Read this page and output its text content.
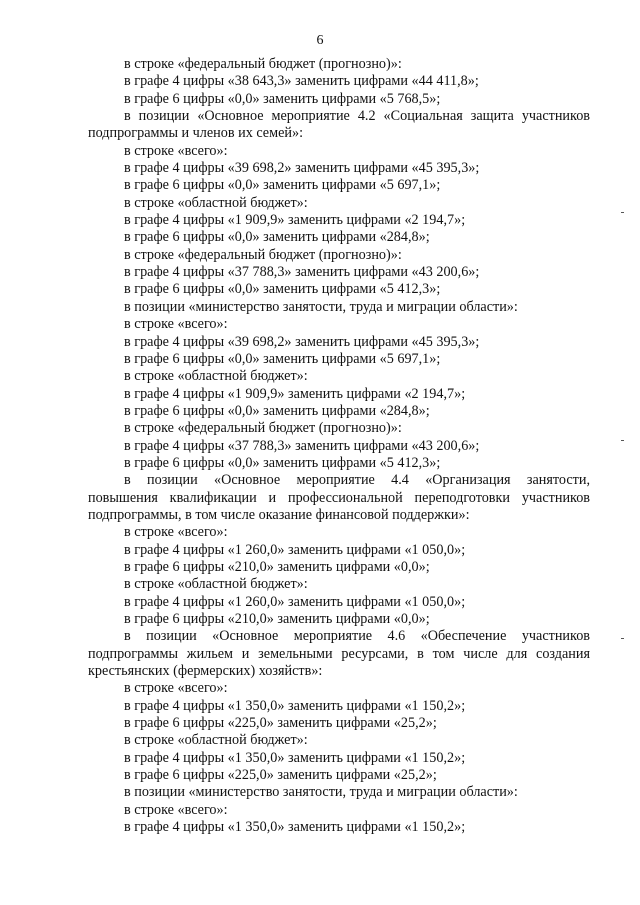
6
в строке «федеральный бюджет (прогнозно)»:
в графе 4 цифры «38 643,3» заменить цифрами «44 411,8»;
в графе 6 цифры «0,0» заменить цифрами «5 768,5»;
в позиции «Основное мероприятие 4.2 «Социальная защита участников
подпрограммы и членов их семей»:
в строке «всего»:
в графе 4 цифры «39 698,2» заменить цифрами «45 395,3»;
в графе 6 цифры «0,0» заменить цифрами «5 697,1»;
в строке «областной бюджет»:
в графе 4 цифры «1 909,9» заменить цифрами «2 194,7»;
в графе 6 цифры «0,0» заменить цифрами «284,8»;
в строке «федеральный бюджет (прогнозно)»:
в графе 4 цифры «37 788,3» заменить цифрами «43 200,6»;
в графе 6 цифры «0,0» заменить цифрами «5 412,3»;
в позиции «министерство занятости, труда и миграции области»:
в строке «всего»:
в графе 4 цифры «39 698,2» заменить цифрами «45 395,3»;
в графе 6 цифры «0,0» заменить цифрами «5 697,1»;
в строке «областной бюджет»:
в графе 4 цифры «1 909,9» заменить цифрами «2 194,7»;
в графе 6 цифры «0,0» заменить цифрами «284,8»;
в строке «федеральный бюджет (прогнозно)»:
в графе 4 цифры «37 788,3» заменить цифрами «43 200,6»;
в графе 6 цифры «0,0» заменить цифрами «5 412,3»;
в позиции «Основное мероприятие 4.4 «Организация занятости,
повышения квалификации и профессиональной переподготовки участников
подпрограммы, в том числе оказание финансовой поддержки»:
в строке «всего»:
в графе 4 цифры «1 260,0» заменить цифрами «1 050,0»;
в графе 6 цифры «210,0» заменить цифрами «0,0»;
в строке «областной бюджет»:
в графе 4 цифры «1 260,0» заменить цифрами «1 050,0»;
в графе 6 цифры «210,0» заменить цифрами «0,0»;
в позиции «Основное мероприятие 4.6 «Обеспечение участников
подпрограммы жильем и земельными ресурсами, в том числе для создания
крестьянских (фермерских) хозяйств»:
в строке «всего»:
в графе 4 цифры «1 350,0» заменить цифрами «1 150,2»;
в графе 6 цифры «225,0» заменить цифрами «25,2»;
в строке «областной бюджет»:
в графе 4 цифры «1 350,0» заменить цифрами «1 150,2»;
в графе 6 цифры «225,0» заменить цифрами «25,2»;
в позиции «министерство занятости, труда и миграции области»:
в строке «всего»:
в графе 4 цифры «1 350,0» заменить цифрами «1 150,2»;
